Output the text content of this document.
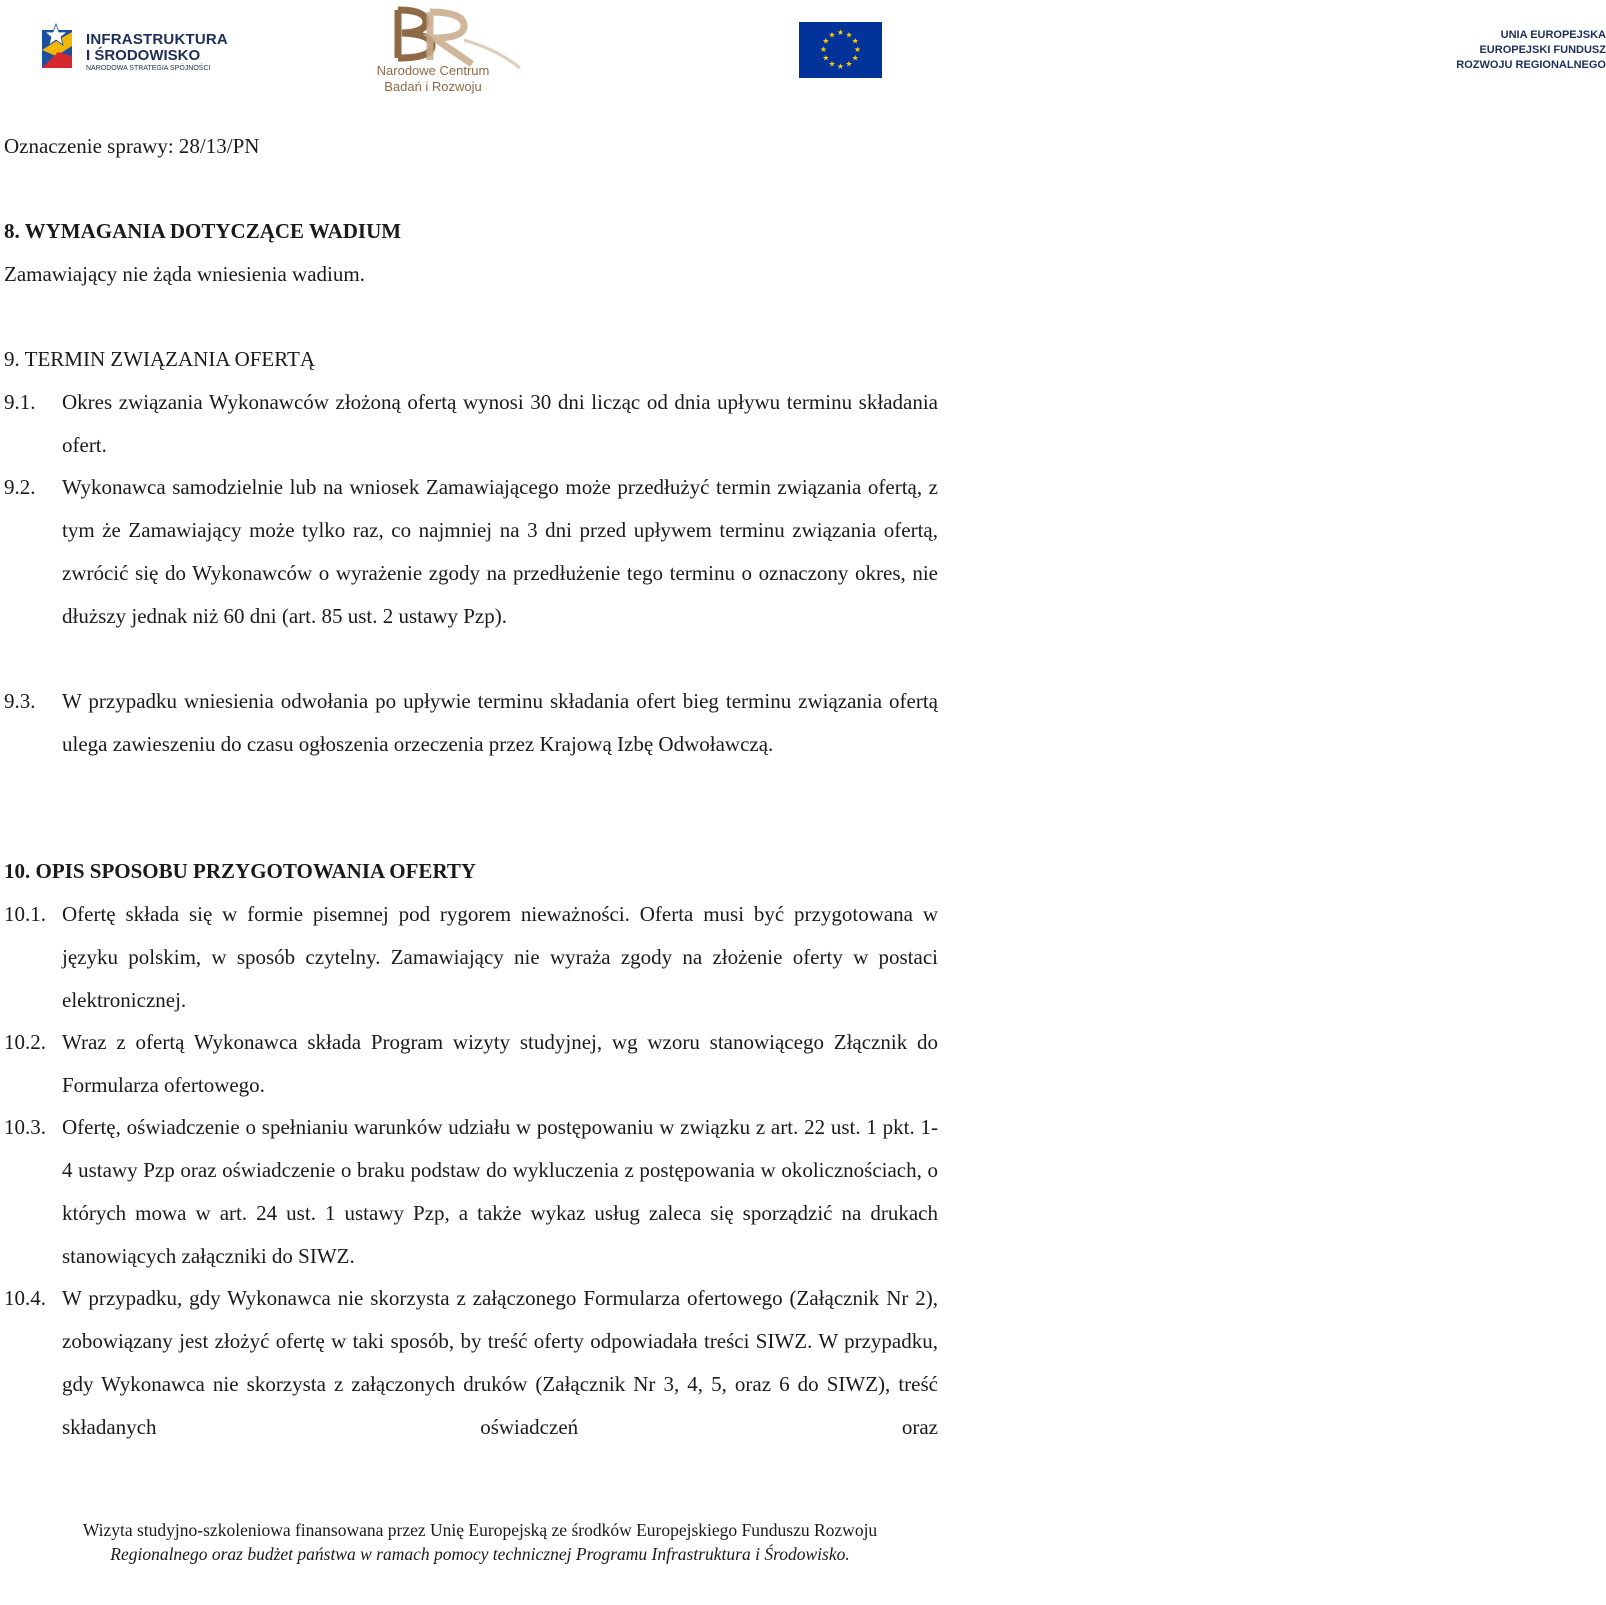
INFRASTRUKTURA
I ŚRODOWISKO
NARODOWA STRATEGIA SPÓJNOŚCI	Narodowe Centrum
Badań i Rozwoju
UNIA EUROPEJSKA
EUROPEJSKI FUNDUSZ
ROZWOJU REGIONALNEGO
★ ★
★
★
★
★
★
★
★
★
★
★
Oznaczenie sprawy: 28/13/PN
8. WYMAGANIA DOTYCZĄCE WADIUM
Zamawiający nie żąda wniesienia wadium.
9. TERMIN ZWIĄZANIA OFERTĄ
9.1. Okres związania Wykonawców złożoną ofertą wynosi 30 dni licząc od dnia upływu terminu składania ofert.
9.2. Wykonawca samodzielnie lub na wniosek Zamawiającego może przedłużyć termin związania ofertą, z tym że Zamawiający może tylko raz, co najmniej na 3 dni przed upływem terminu związania ofertą, zwrócić się do Wykonawców o wyrażenie zgody na przedłużenie tego terminu o oznaczony okres, nie dłuższy jednak niż 60 dni (art. 85 ust. 2 ustawy Pzp).
9.3. W przypadku wniesienia odwołania po upływie terminu składania ofert bieg terminu związania ofertą ulega zawieszeniu do czasu ogłoszenia orzeczenia przez Krajową Izbę Odwoławczą.
10. OPIS SPOSOBU PRZYGOTOWANIA OFERTY
10.1. Ofertę składa się w formie pisemnej pod rygorem nieważności. Oferta musi być przygotowana w języku polskim, w sposób czytelny. Zamawiający nie wyraża zgody na złożenie oferty w postaci elektronicznej.
10.2. Wraz z ofertą Wykonawca składa Program wizyty studyjnej, wg wzoru stanowiącego Złącznik do Formularza ofertowego.
10.3. Ofertę, oświadczenie o spełnianiu warunków udziału w postępowaniu w związku z art. 22 ust. 1 pkt. 1-4 ustawy Pzp oraz oświadczenie o braku podstaw do wykluczenia z postępowania w okolicznościach, o których mowa w art. 24 ust. 1 ustawy Pzp, a także wykaz usług zaleca się sporządzić na drukach stanowiących załączniki do SIWZ.
10.4. W przypadku, gdy Wykonawca nie skorzysta z załączonego Formularza ofertowego (Załącznik Nr 2), zobowiązany jest złożyć ofertę w taki sposób, by treść oferty odpowiadała treści SIWZ. W przypadku, gdy Wykonawca nie skorzysta z załączonych druków (Załącznik Nr 3, 4, 5, oraz 6 do SIWZ), treść składanych oświadczeń oraz
Wizyta studyjno-szkoleniowa finansowana przez Unię Europejską ze środków Europejskiego Funduszu Rozwoju
Regionalnego oraz budżet państwa w ramach pomocy technicznej Programu Infrastruktura i Środowisko.
